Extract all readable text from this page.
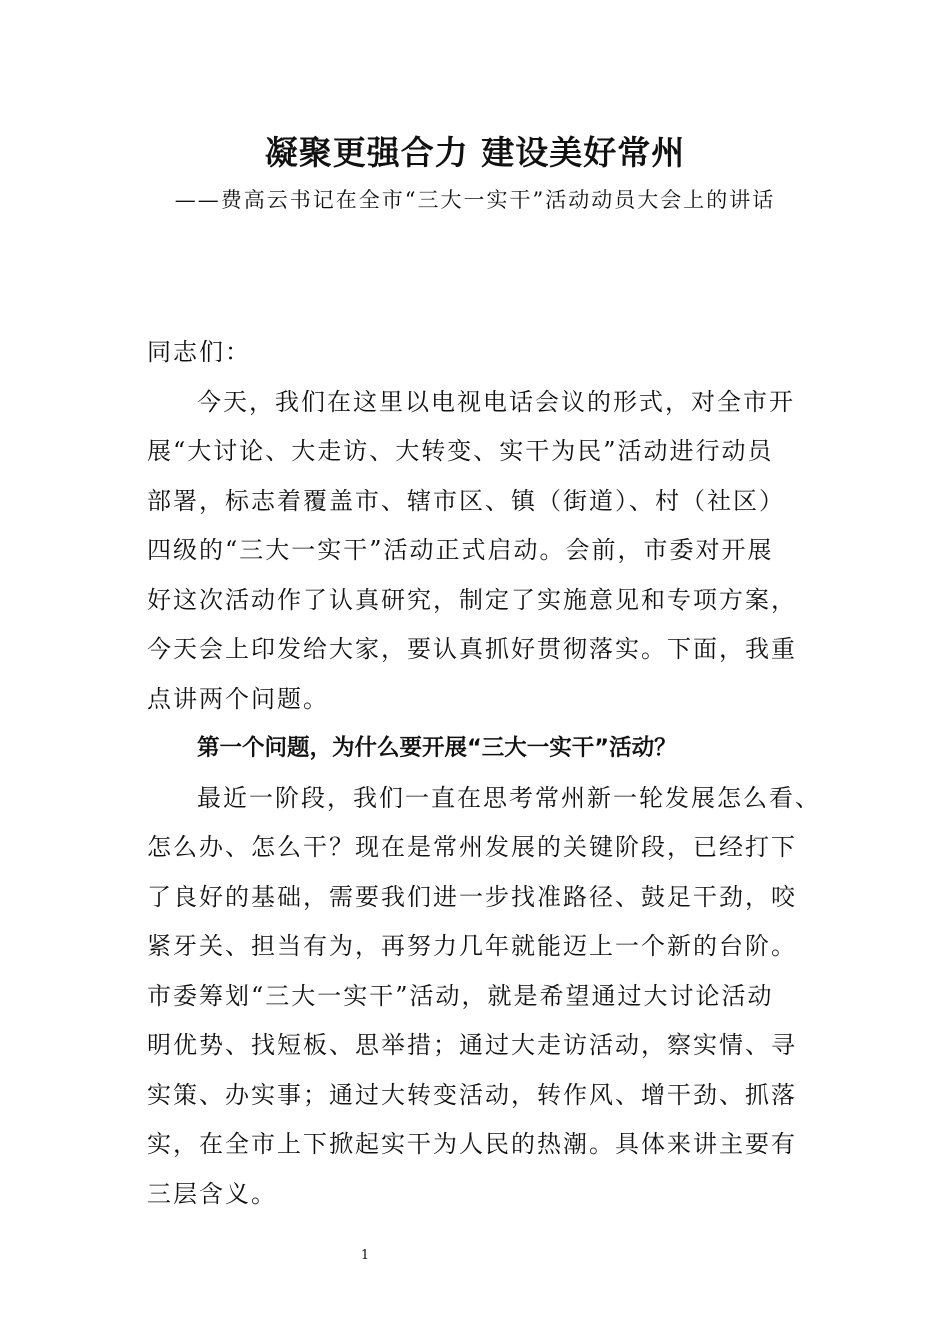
凝聚更强合力 建设美好常州
——费高云书记在全市“三大一实干”活动动员大会上的讲话

同志们：

今天，我们在这里以电视电话会议的形式，对全市开
展“大讨论、大走访、大转变、实干为民”活动进行动员
部署，标志着覆盖市、辖市区、镇（街道）、村（社区）
四级的“三大一实干”活动正式启动。会前，市委对开展
好这次活动作了认真研究，制定了实施意见和专项方案，
今天会上印发给大家，要认真抓好贯彻落实。下面，我重
点讲两个问题。

第一个问题，为什么要开展“三大一实干”活动？

最近一阶段，我们一直在思考常州新一轮发展怎么看、
怎么办、怎么干？现在是常州发展的关键阶段，已经打下
了良好的基础，需要我们进一步找准路径、鼓足干劲，咬
紧牙关、担当有为，再努力几年就能迈上一个新的台阶。
市委筹划“三大一实干”活动，就是希望通过大讨论活动
明优势、找短板、思举措；通过大走访活动，察实情、寻
实策、办实事；通过大转变活动，转作风、增干劲、抓落
实，在全市上下掀起实干为人民的热潮。具体来讲主要有
三层含义。

1
